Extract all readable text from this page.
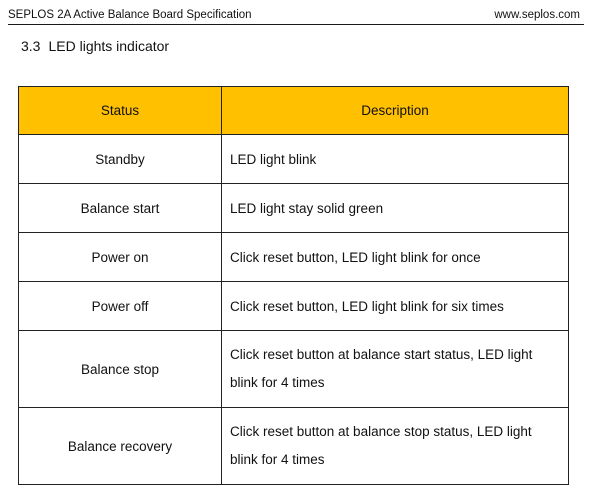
SEPLOS 2A Active Balance Board Specification	www.seplos.com
3.3 LED lights indicator
Status	Description
Standby	LED light blink
Balance start	LED light stay solid green
Power on	Click reset button, LED light blink for once
Power off	Click reset button, LED light blink for six times
Balance stop	Click reset button at balance start status, LED light blink for 4 times
Balance recovery	Click reset button at balance stop status, LED light blink for 4 times
